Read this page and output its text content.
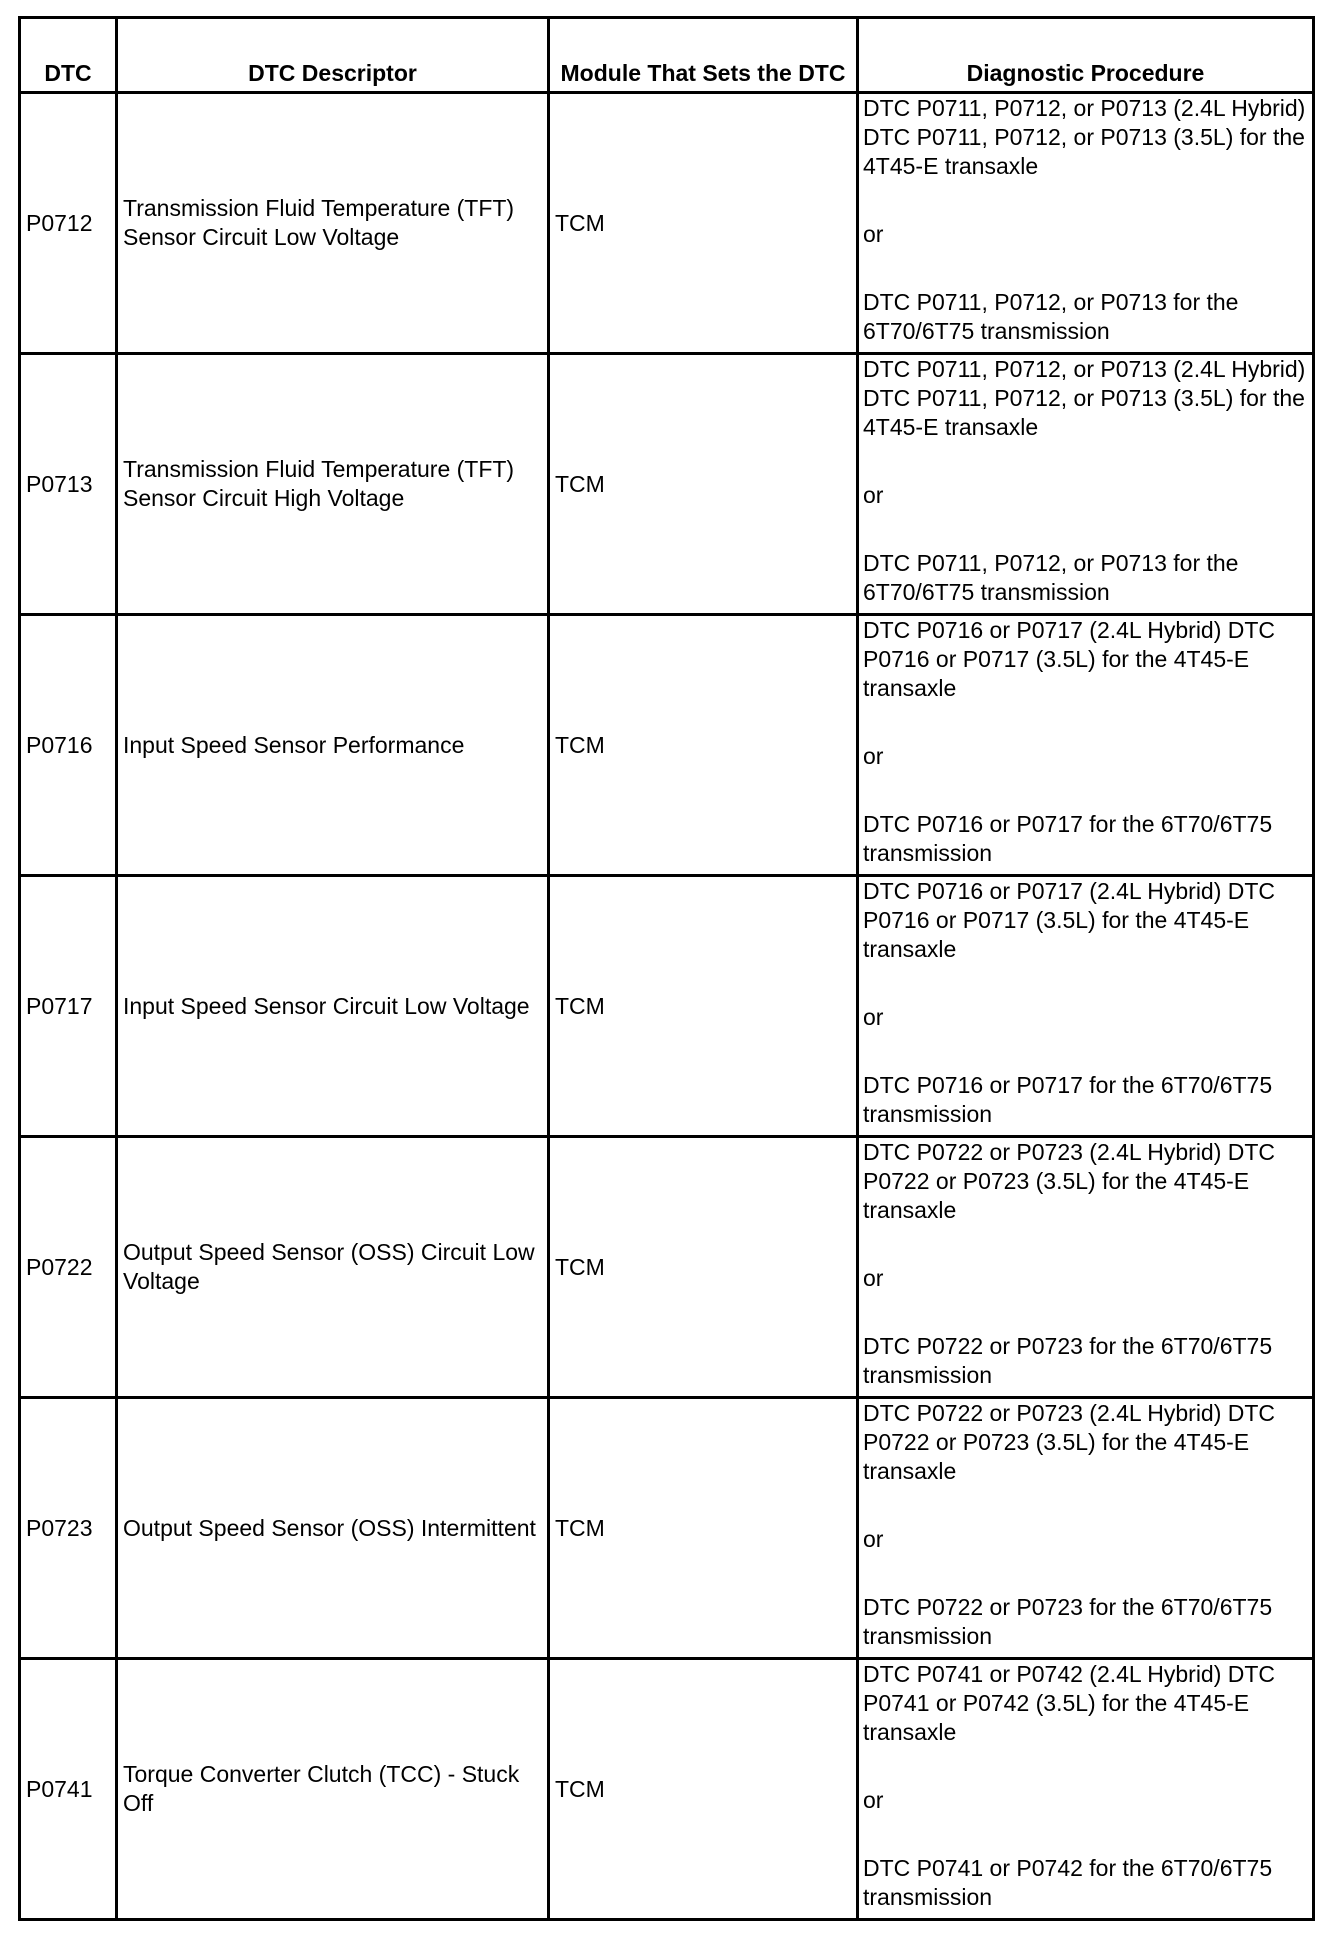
DTC	DTC Descriptor	Module That Sets the DTC	Diagnostic Procedure
P0712	Transmission Fluid Temperature (TFT) Sensor Circuit Low Voltage	TCM	DTC P0711, P0712, or P0713 (2.4L Hybrid) DTC P0711, P0712, or P0713 (3.5L) for the 4T45-E transaxle
or
DTC P0711, P0712, or P0713 for the 6T70/6T75 transmission

P0713	Transmission Fluid Temperature (TFT) Sensor Circuit High Voltage	TCM	DTC P0711, P0712, or P0713 (2.4L Hybrid) DTC P0711, P0712, or P0713 (3.5L) for the 4T45-E transaxle
or
DTC P0711, P0712, or P0713 for the 6T70/6T75 transmission

P0716	Input Speed Sensor Performance	TCM	DTC P0716 or P0717 (2.4L Hybrid) DTC P0716 or P0717 (3.5L) for the 4T45-E transaxle
or
DTC P0716 or P0717 for the 6T70/6T75 transmission

P0717	Input Speed Sensor Circuit Low Voltage	TCM	DTC P0716 or P0717 (2.4L Hybrid) DTC P0716 or P0717 (3.5L) for the 4T45-E transaxle
or
DTC P0716 or P0717 for the 6T70/6T75 transmission

P0722	Output Speed Sensor (OSS) Circuit Low Voltage	TCM	DTC P0722 or P0723 (2.4L Hybrid) DTC P0722 or P0723 (3.5L) for the 4T45-E transaxle
or
DTC P0722 or P0723 for the 6T70/6T75 transmission

P0723	Output Speed Sensor (OSS) Intermittent	TCM	DTC P0722 or P0723 (2.4L Hybrid) DTC P0722 or P0723 (3.5L) for the 4T45-E transaxle
or
DTC P0722 or P0723 for the 6T70/6T75 transmission

P0741	Torque Converter Clutch (TCC) - Stuck Off	TCM	DTC P0741 or P0742 (2.4L Hybrid) DTC P0741 or P0742 (3.5L) for the 4T45-E transaxle
or
DTC P0741 or P0742 for the 6T70/6T75 transmission
